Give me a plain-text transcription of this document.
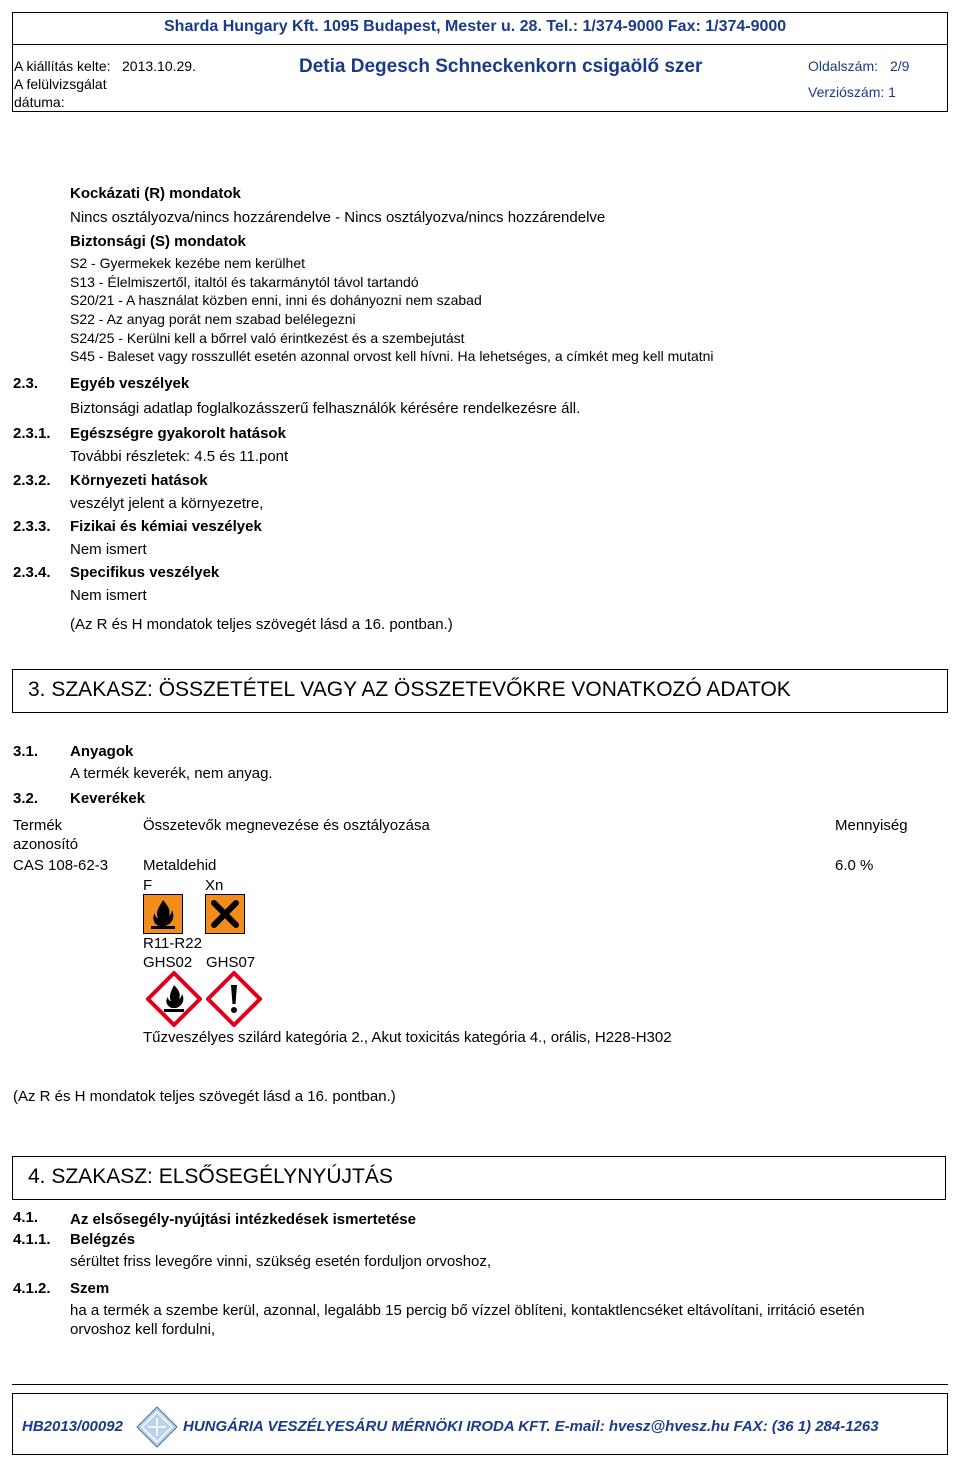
Sharda Hungary Kft. 1095 Budapest, Mester u. 28. Tel.: 1/374-9000 Fax: 1/374-9000
A kiállítás kelte: 2013.10.29.
A felülvizsgálat
dátuma:
Detia Degesch Schneckenkorn csigaölő szer	Oldalszám: 2/9
Verziószám: 1
Kockázati (R) mondatok
Nincs osztályozva/nincs hozzárendelve - Nincs osztályozva/nincs hozzárendelve
Biztonsági (S) mondatok
S2 - Gyermekek kezébe nem kerülhet
S13 - Élelmiszertől, italtól és takarmánytól távol tartandó
S20/21 - A használat közben enni, inni és dohányozni nem szabad
S22 - Az anyag porát nem szabad belélegezni
S24/25 - Kerülni kell a bőrrel való érintkezést és a szembejutást
S45 - Baleset vagy rosszullét esetén azonnal orvost kell hívni. Ha lehetséges, a címkét meg kell mutatni
2.3. Egyéb veszélyek
Biztonsági adatlap foglalkozásszerű felhasználók kérésére rendelkezésre áll.
2.3.1. Egészségre gyakorolt hatások
További részletek: 4.5 és 11.pont
2.3.2. Környezeti hatások
veszélyt jelent a környezetre,
2.3.3. Fizikai és kémiai veszélyek
Nem ismert
2.3.4. Specifikus veszélyek
Nem ismert
(Az R és H mondatok teljes szövegét lásd a 16. pontban.)
3. SZAKASZ: ÖSSZETÉTEL VAGY AZ ÖSSZETEVŐKRE VONATKOZÓ ADATOK
3.1. Anyagok
A termék keverék, nem anyag.
3.2. Keverékek
Termék
azonosító
Összetevők megnevezése és osztályozása	Mennyiség
CAS 108-62-3 Metaldehid	6.0 %
F	Xn
R11-R22
GHS02 GHS07
Tűzveszélyes szilárd kategória 2., Akut toxicitás kategória 4., orális, H228-H302
(Az R és H mondatok teljes szövegét lásd a 16. pontban.)
4. SZAKASZ: ELSŐSEGÉLYNYÚJTÁS
4.1. Az elsősegély-nyújtási intézkedések ismertetése
4.1.1. Belégzés
sérültet friss levegőre vinni, szükség esetén forduljon orvoshoz,
4.1.2. Szem
ha a termék a szembe kerül, azonnal, legalább 15 percig bő vízzel öblíteni, kontaktlencséket eltávolítani, irritáció esetén
orvoshoz kell fordulni,
HB2013/00092	HUNGÁRIA VESZÉLYESÁRU MÉRNÖKI IRODA KFT. E-mail: hvesz@hvesz.hu FAX: (36 1) 284-1263
